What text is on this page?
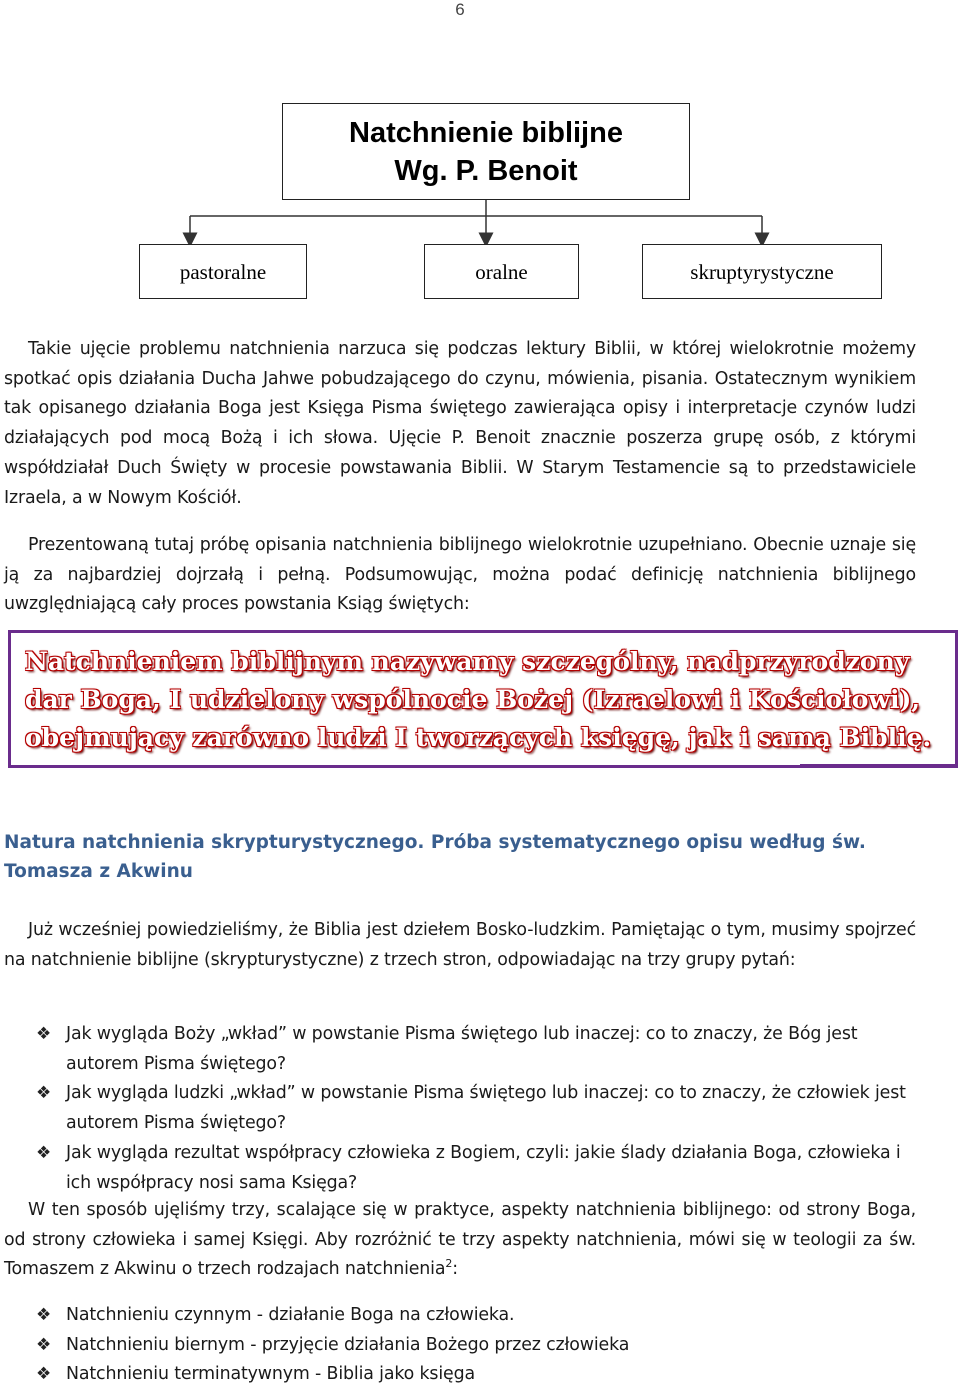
6
Natchnienie biblijne
Wg. P. Benoit
pastoralne	oralne	skruptyrystyczne

Takie ujęcie problemu natchnienia narzuca się podczas lektury Biblii, w której wielokrotnie możemy spotkać opis działania Ducha Jahwe pobudzającego do czynu, mówienia, pisania. Ostatecznym wynikiem tak opisanego działania Boga jest Księga Pisma świętego zawierająca opisy i interpretacje czynów ludzi działających pod mocą Bożą i ich słowa. Ujęcie P. Benoit znacznie poszerza grupę osób, z którymi współdziałał Duch Święty w procesie powstawania Biblii. W Starym Testamencie są to przedstawiciele Izraela, a w Nowym Kościół.

Prezentowaną tutaj próbę opisania natchnienia biblijnego wielokrotnie uzupełniano. Obecnie uznaje się ją za najbardziej dojrzałą i pełną. Podsumowując, można podać definicję natchnienia biblijnego uwzględniającą cały proces powstania Ksiąg świętych:

Natchnieniem biblijnym nazywamy szczególny, nadprzyrodzony dar Boga, I udzielony wspólnocie Bożej (Izraelowi i Kościołowi), obejmujący zarówno ludzi I tworzących księgę, jak i samą Biblię.
Natura natchnienia skrypturystycznego. Próba systematycznego opisu według św. Tomasza z Akwinu

Już wcześniej powiedzieliśmy, że Biblia jest dziełem Bosko-ludzkim. Pamiętając o tym, musimy spojrzeć na natchnienie biblijne (skrypturystyczne) z trzech stron, odpowiadając na trzy grupy pytań:

❖ Jak wygląda Boży „wkład” w powstanie Pisma świętego lub inaczej: co to znaczy, że Bóg jest autorem Pisma świętego?
❖ Jak wygląda ludzki „wkład” w powstanie Pisma świętego lub inaczej: co to znaczy, że człowiek jest autorem Pisma świętego?
❖ Jak wygląda rezultat współpracy człowieka z Bogiem, czyli: jakie ślady działania Boga, człowieka i ich współpracy nosi sama Księga?

W ten sposób ujęliśmy trzy, scalające się w praktyce, aspekty natchnienia biblijnego: od strony Boga, od strony człowieka i samej Księgi. Aby rozróżnić te trzy aspekty natchnienia, mówi się w teologii za św. Tomaszem z Akwinu o trzech rodzajach natchnienia$^2$:

❖ Natchnieniu czynnym - działanie Boga na człowieka.
❖ Natchnieniu biernym - przyjęcie działania Bożego przez człowieka
❖ Natchnieniu terminatywnym - Biblia jako księga
